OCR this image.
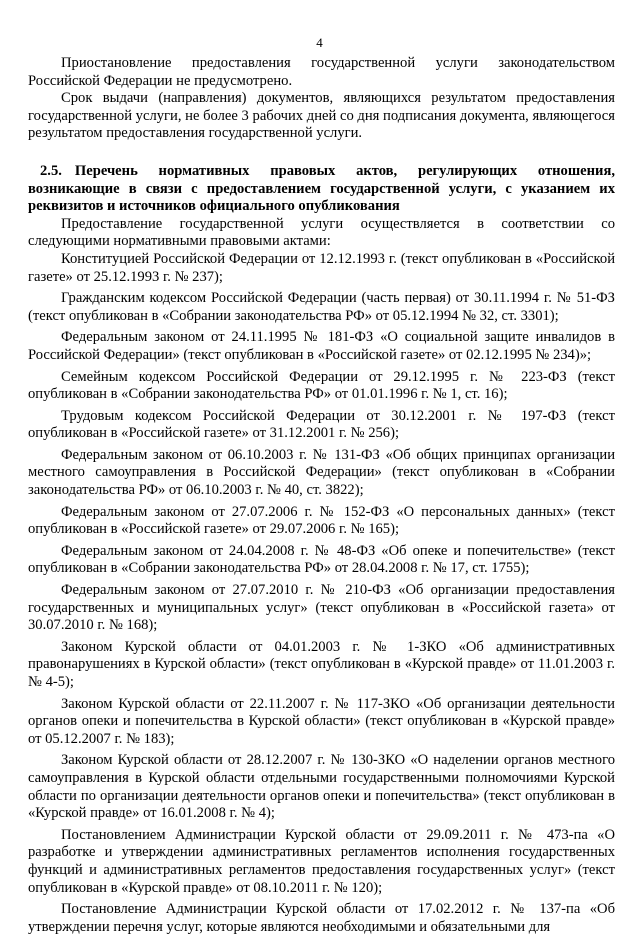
4

Приостановление предоставления государственной услуги законодательством Российской Федерации не предусмотрено.

Срок выдачи (направления) документов, являющихся результатом предоставления государственной услуги, не более 3 рабочих дней со дня подписания документа, являющегося результатом предоставления государственной услуги.

2.5. Перечень нормативных правовых актов, регулирующих отношения, возникающие в связи с предоставлением государственной услуги, с указанием их реквизитов и источников официального опубликования

Предоставление государственной услуги осуществляется в соответствии со следующими нормативными правовыми актами:

Конституцией Российской Федерации от 12.12.1993 г. (текст опубликован в «Российской газете» от 25.12.1993 г. № 237);

Гражданским кодексом Российской Федерации (часть первая) от 30.11.1994 г. № 51-ФЗ (текст опубликован в «Собрании законодательства РФ» от 05.12.1994 № 32, ст. 3301);

Федеральным законом от 24.11.1995 № 181-ФЗ «О социальной защите инвалидов в Российской Федерации» (текст опубликован в «Российской газете» от 02.12.1995 № 234)»;

Семейным кодексом Российской Федерации от 29.12.1995 г. № 223-ФЗ (текст опубликован в «Собрании законодательства РФ» от 01.01.1996 г. № 1, ст. 16);

Трудовым кодексом Российской Федерации от 30.12.2001 г. № 197-ФЗ (текст опубликован в «Российской газете» от 31.12.2001 г. № 256);

Федеральным законом от 06.10.2003 г. № 131-ФЗ «Об общих принципах организации местного самоуправления в Российской Федерации» (текст опубликован в «Собрании законодательства РФ» от 06.10.2003 г. № 40, ст. 3822);

Федеральным законом от 27.07.2006 г. № 152-ФЗ «О персональных данных» (текст опубликован в «Российской газете» от 29.07.2006 г. № 165);

Федеральным законом от 24.04.2008 г. № 48-ФЗ «Об опеке и попечительстве» (текст опубликован в «Собрании законодательства РФ» от 28.04.2008 г. № 17, ст. 1755);

Федеральным законом от 27.07.2010 г. № 210-ФЗ «Об организации предоставления государственных и муниципальных услуг» (текст опубликован в «Российской газета» от 30.07.2010 г. № 168);

Законом Курской области от 04.01.2003 г. № 1-ЗКО «Об административных правонарушениях в Курской области» (текст опубликован в «Курской правде» от 11.01.2003 г. № 4-5);

Законом Курской области от 22.11.2007 г. № 117-ЗКО «Об организации деятельности органов опеки и попечительства в Курской области» (текст опубликован в «Курской правде» от 05.12.2007 г. № 183);

Законом Курской области от 28.12.2007 г. № 130-ЗКО «О наделении органов местного самоуправления в Курской области отдельными государственными полномочиями Курской области по организации деятельности органов опеки и попечительства» (текст опубликован в «Курской правде» от 16.01.2008 г. № 4);

Постановлением Администрации Курской области от 29.09.2011 г. № 473-па «О разработке и утверждении административных регламентов исполнения государственных функций и административных регламентов предоставления государственных услуг» (текст опубликован в «Курской правде» от 08.10.2011 г. № 120);

Постановление Администрации Курской области от 17.02.2012 г. № 137-па «Об утверждении перечня услуг, которые являются необходимыми и обязательными для
